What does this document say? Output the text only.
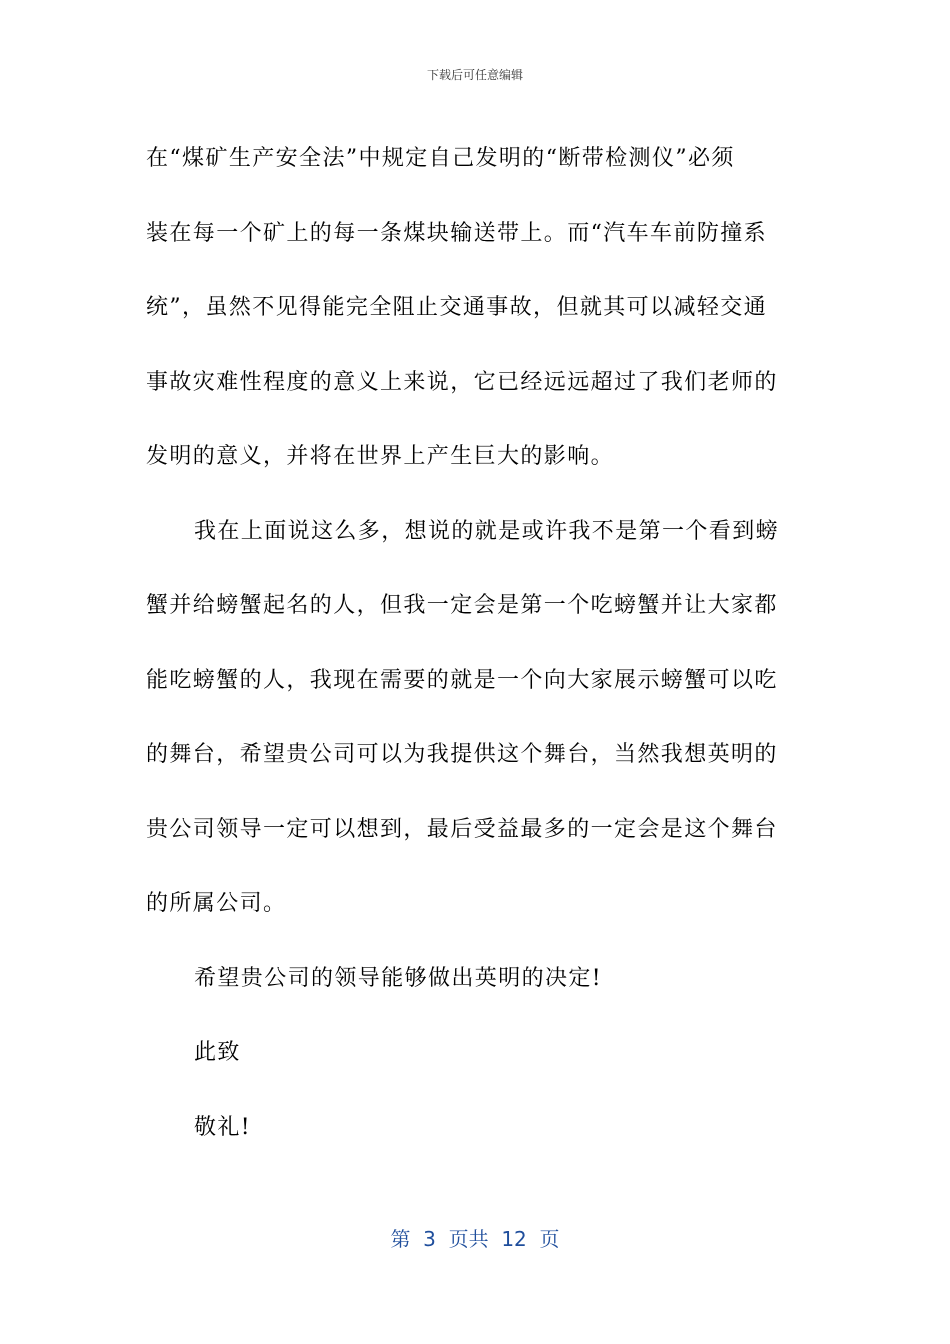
下载后可任意编辑
在“煤矿生产安全法”中规定自己发明的“断带检测仪”必须
装在每一个矿上的每一条煤块输送带上。而“汽车车前防撞系
统”，虽然不见得能完全阻止交通事故，但就其可以减轻交通
事故灾难性程度的意义上来说，它已经远远超过了我们老师的
发明的意义，并将在世界上产生巨大的影响。
我在上面说这么多，想说的就是或许我不是第一个看到螃
蟹并给螃蟹起名的人，但我一定会是第一个吃螃蟹并让大家都
能吃螃蟹的人，我现在需要的就是一个向大家展示螃蟹可以吃
的舞台，希望贵公司可以为我提供这个舞台，当然我想英明的
贵公司领导一定可以想到，最后受益最多的一定会是这个舞台
的所属公司。
希望贵公司的领导能够做出英明的决定!
此致
敬礼!
第  3  页共  12  页
